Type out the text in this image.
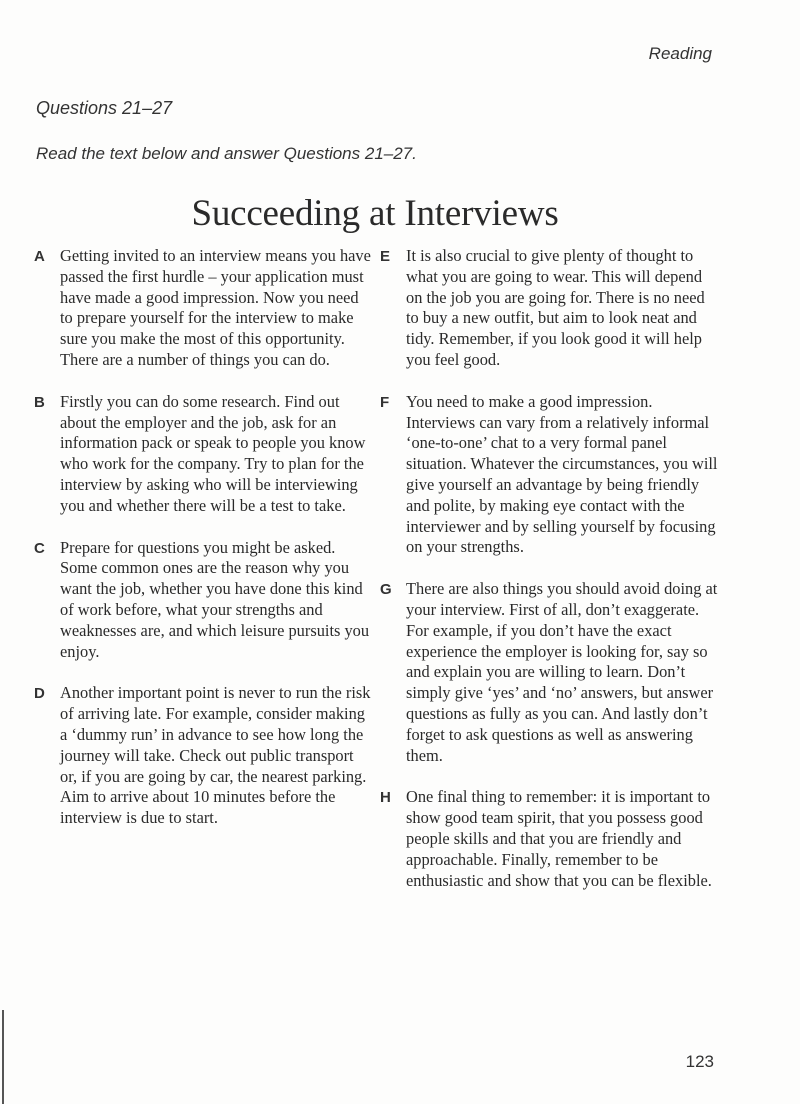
Reading
Questions 21–27
Read the text below and answer Questions 21–27.
Succeeding at Interviews
A Getting invited to an interview means you have passed the first hurdle – your application must have made a good impression. Now you need to prepare yourself for the interview to make sure you make the most of this opportunity. There are a number of things you can do.

B Firstly you can do some research. Find out about the employer and the job, ask for an information pack or speak to people you know who work for the company. Try to plan for the interview by asking who will be interviewing you and whether there will be a test to take.

C Prepare for questions you might be asked. Some common ones are the reason why you want the job, whether you have done this kind of work before, what your strengths and weaknesses are, and which leisure pursuits you enjoy.

D Another important point is never to run the risk of arriving late. For example, consider making a ‘dummy run’ in advance to see how long the journey will take. Check out public transport or, if you are going by car, the nearest parking. Aim to arrive about 10 minutes before the interview is due to start.

E It is also crucial to give plenty of thought to what you are going to wear. This will depend on the job you are going for. There is no need to buy a new outfit, but aim to look neat and tidy. Remember, if you look good it will help you feel good.

F You need to make a good impression. Interviews can vary from a relatively informal ‘one-to-one’ chat to a very formal panel situation. Whatever the circumstances, you will give yourself an advantage by being friendly and polite, by making eye contact with the interviewer and by selling yourself by focusing on your strengths.

G There are also things you should avoid doing at your interview. First of all, don’t exaggerate. For example, if you don’t have the exact experience the employer is looking for, say so and explain you are willing to learn. Don’t simply give ‘yes’ and ‘no’ answers, but answer questions as fully as you can. And lastly don’t forget to ask questions as well as answering them.

H One final thing to remember: it is important to show good team spirit, that you possess good people skills and that you are friendly and approachable. Finally, remember to be enthusiastic and show that you can be flexible.

123
